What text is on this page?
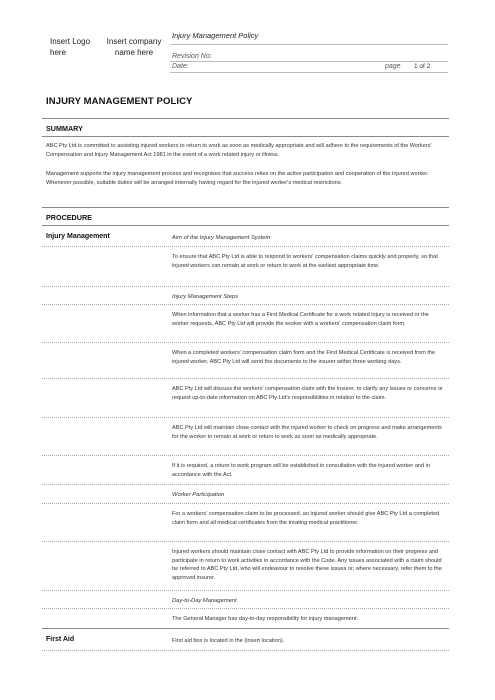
Insert Logo here
Insert company name here
Injury Management Policy
Revision No:
Date:	page 1 of 2
INJURY MANAGEMENT POLICY
SUMMARY
ABC Pty Ltd is committed to assisting injured workers to return to work as soon as medically appropriate and will adhere to the requirements of the Workers' Compensation and Injury Management Act 1981 in the event of a work related injury or illness.
Management supports the injury management process and recognises that success relies on the active participation and cooperation of the injured worker. Whenever possible, suitable duties will be arranged internally having regard for the injured worker's medical restrictions.
PROCEDURE
Injury Management	Aim of the Injury Management System
To ensure that ABC Pty Ltd is able to respond to workers' compensation claims quickly and properly, so that injured workers can remain at work or return to work at the earliest appropriate time.
Injury Management Steps
When information that a worker has a First Medical Certificate for a work related injury is received or the worker requests, ABC Pty Ltd will provide the worker with a workers' compensation claim form.
When a completed workers' compensation claim form and the First Medical Certificate is received from the injured worker, ABC Pty Ltd will send the documents to the insurer within three working days.
ABC Pty Ltd will discuss the workers' compensation claim with the insurer, to clarify any issues or concerns or request up-to-date information on ABC Pty Ltd's responsibilities in relation to the claim.
ABC Pty Ltd will maintain close contact with the injured worker to check on progress and make arrangements for the worker to remain at work or return to work as soon as medically appropriate.
If it is required, a return to work program will be established in consultation with the injured worker and in accordance with the Act.
Worker Participation
For a workers' compensation claim to be processed, an injured worker should give ABC Pty Ltd a completed claim form and all medical certificates from the treating medical practitioner.
Injured workers should maintain close contact with ABC Pty Ltd to provide information on their progress and participate in return to work activities in accordance with the Code. Any issues associated with a claim should be referred to ABC Pty Ltd, who will endeavour to resolve these issues or, where necessary, refer them to the approved insurer.
Day-to-Day Management
The General Manager has day-to-day responsibility for injury management.
First Aid	First aid box is located in the (insert location).
